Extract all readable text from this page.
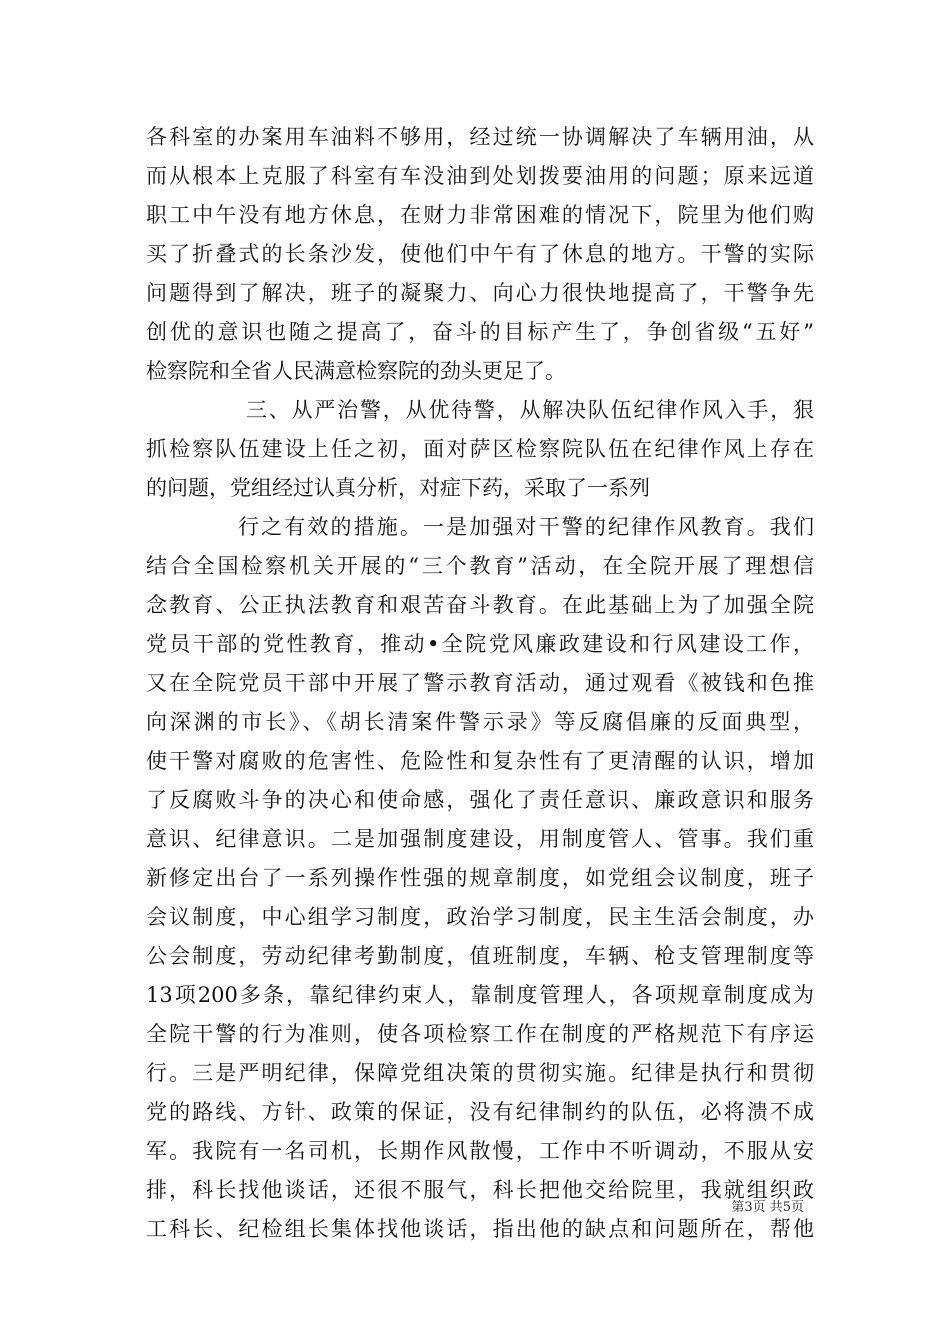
各科室的办案用车油料不够用，经过统一协调解决了车辆用油，从
而从根本上克服了科室有车没油到处划拨要油用的问题；原来远道
职工中午没有地方休息，在财力非常困难的情况下，院里为他们购
买了折叠式的长条沙发，使他们中午有了休息的地方。干警的实际
问题得到了解决，班子的凝聚力、向心力很快地提高了，干警争先
创优的意识也随之提高了，奋斗的目标产生了，争创省级“五好”
检察院和全省人民满意检察院的劲头更足了。
三、从严治警，从优待警，从解决队伍纪律作风入手，狠
抓检察队伍建设上任之初，面对萨区检察院队伍在纪律作风上存在
的问题，党组经过认真分析，对症下药，采取了一系列
行之有效的措施。一是加强对干警的纪律作风教育。我们
结合全国检察机关开展的“三个教育”活动，在全院开展了理想信
念教育、公正执法教育和艰苦奋斗教育。在此基础上为了加强全院
党员干部的党性教育，推动•全院党风廉政建设和行风建设工作，
又在全院党员干部中开展了警示教育活动，通过观看《被钱和色推
向深渊的市长》、《胡长清案件警示录》等反腐倡廉的反面典型，
使干警对腐败的危害性、危险性和复杂性有了更清醒的认识，增加
了反腐败斗争的决心和使命感，强化了责任意识、廉政意识和服务
意识、纪律意识。二是加强制度建设，用制度管人、管事。我们重
新修定出台了一系列操作性强的规章制度，如党组会议制度，班子
会议制度，中心组学习制度，政治学习制度，民主生活会制度，办
公会制度，劳动纪律考勤制度，值班制度，车辆、枪支管理制度等
13项200多条，靠纪律约束人，靠制度管理人，各项规章制度成为
全院干警的行为准则，使各项检察工作在制度的严格规范下有序运
行。三是严明纪律，保障党组决策的贯彻实施。纪律是执行和贯彻
党的路线、方针、政策的保证，没有纪律制约的队伍，必将溃不成
军。我院有一名司机，长期作风散慢，工作中不听调动，不服从安
排，科长找他谈话，还很不服气，科长把他交给院里，我就组织政
工科长、纪检组长集体找他谈话，指出他的缺点和问题所在，帮他
第3页 共5页
